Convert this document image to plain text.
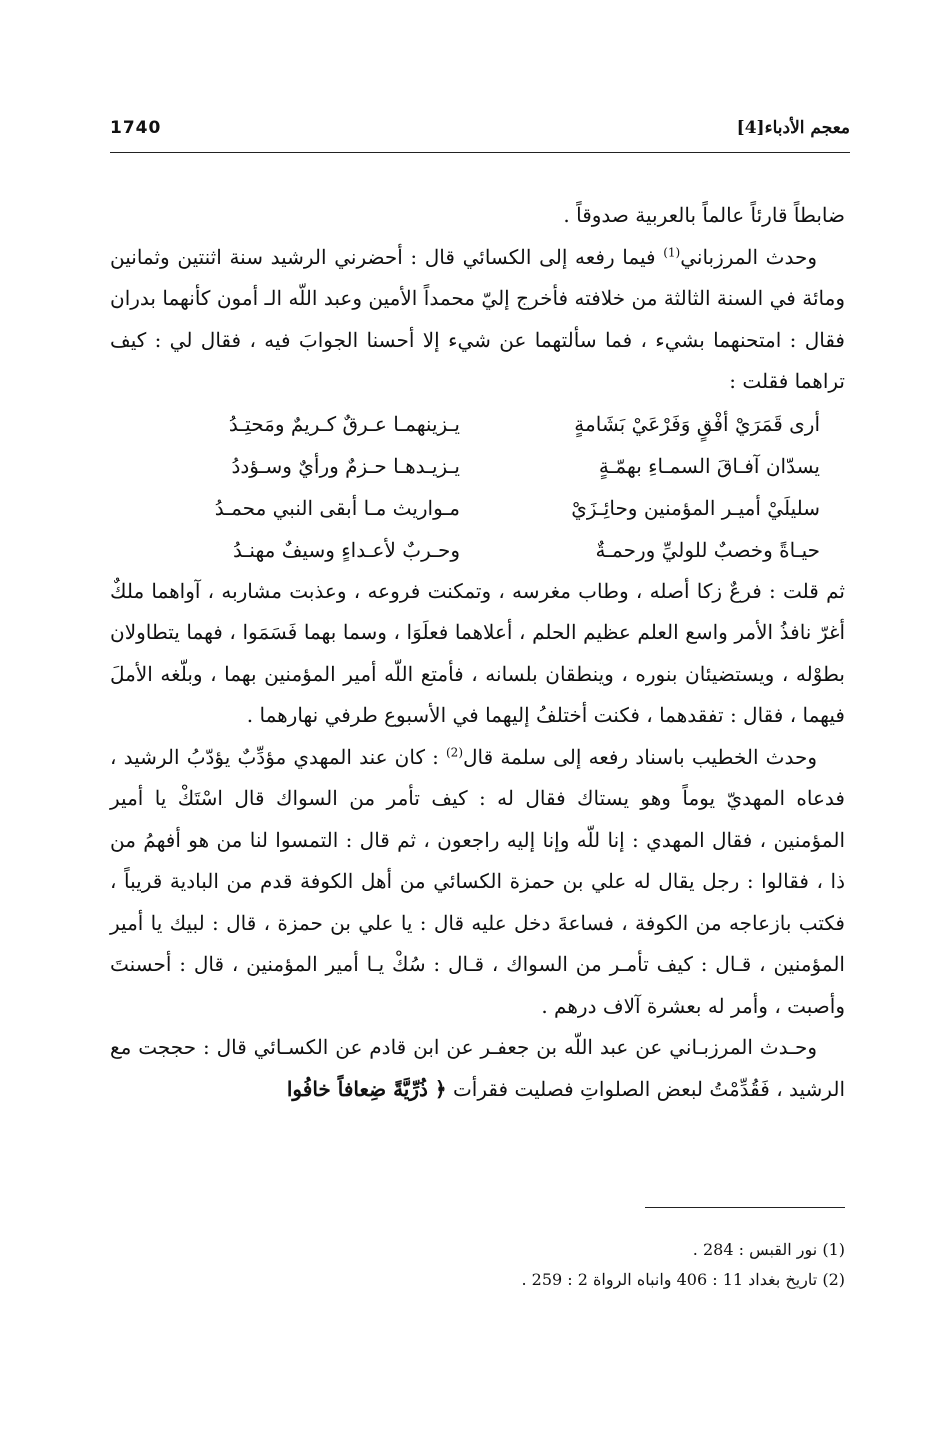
1740	معجم الأدباء[4]

ضابطاً قارئاً عالماً بالعربية صدوقاً .

وحدث المرزباني$^{(1)}$ فيما رفعه إلى الكسائي قال : أحضرني الرشيد سنة اثنتين وثمانين ومائة في السنة الثالثة من خلافته فأخرج إليّ محمداً الأمين وعبد اللّه الـ أمون كأنهما بدران فقال : امتحنهما بشيء ، فما سألتهما عن شيء إلا أحسنا الجوابَ فيه ، فقال لي : كيف تراهما فقلت :

أرى قَمَرَيْ أفْقٍ وَفَرْعَيْ بَشَامةٍ
يـزينهمـا عـرقٌ كـريمٌ ومَحتِـدُ
يسدّان آفـاقَ السمـاءِ بهمّـةٍ
يـزيـدهـا حـزمٌ ورأيٌ وسـؤددُ
سليلَيْ أميـر المؤمنين وحائِـزَيْ
مـواريث مـا أبقى النبي محمـدُ
حيـاةً وخصبٌ للوليِّ ورحمـةٌ
وحـربٌ لأعـداءٍ وسيفٌ مهنـدُ

ثم قلت : فرعٌ زكا أصله ، وطاب مغرسه ، وتمكنت فروعه ، وعذبت مشاربه ، آواهما ملكٌ أغرّ نافذُ الأمر واسع العلم عظيم الحلم ، أعلاهما فعلَوَا ، وسما بهما فَسَمَوا ، فهما يتطاولان بطوْله ، ويستضيئان بنوره ، وينطقان بلسانه ، فأمتع اللّه أمير المؤمنين بهما ، وبلّغه الأملَ فيهما ، فقال : تفقدهما ، فكنت أختلفُ إليهما في الأسبوع طرفي نهارهما .

وحدث الخطيب باسناد رفعه إلى سلمة قال$^{(2)}$ : كان عند المهدي مؤدِّبٌ يؤدّبُ الرشيد ، فدعاه المهديّ يوماً وهو يستاك فقال له : كيف تأمر من السواك قال اسْتَكْ يا أمير المؤمنين ، فقال المهدي : إنا للّه وإنا إليه راجعون ، ثم قال : التمسوا لنا من هو أفهمُ من ذا ، فقالوا : رجل يقال له علي بن حمزة الكسائي من أهل الكوفة قدم من البادية قريباً ، فكتب بازعاجه من الكوفة ، فساعةَ دخل عليه قال : يا علي بن حمزة ، قال : لبيك يا أمير المؤمنين ، قـال : كيف تأمـر من السواك ، قـال : سُكْ يـا أمير المؤمنين ، قال : أحسنتَ وأصبت ، وأمر له بعشرة آلاف درهم .

وحـدث المرزبـاني عن عبد اللّه بن جعفـر عن ابن قادم عن الكسـائي قال : حججت مع الرشيد ، فَقُدِّمْتُ لبعض الصلواتِ فصليت فقرأت ﴿ ذُرِّيَّةً ضِعافاً خافُوا

(1) نور القبس : 284 .

(2) تاريخ بغداد 11 : 406 وانباه الرواة 2 : 259 .
